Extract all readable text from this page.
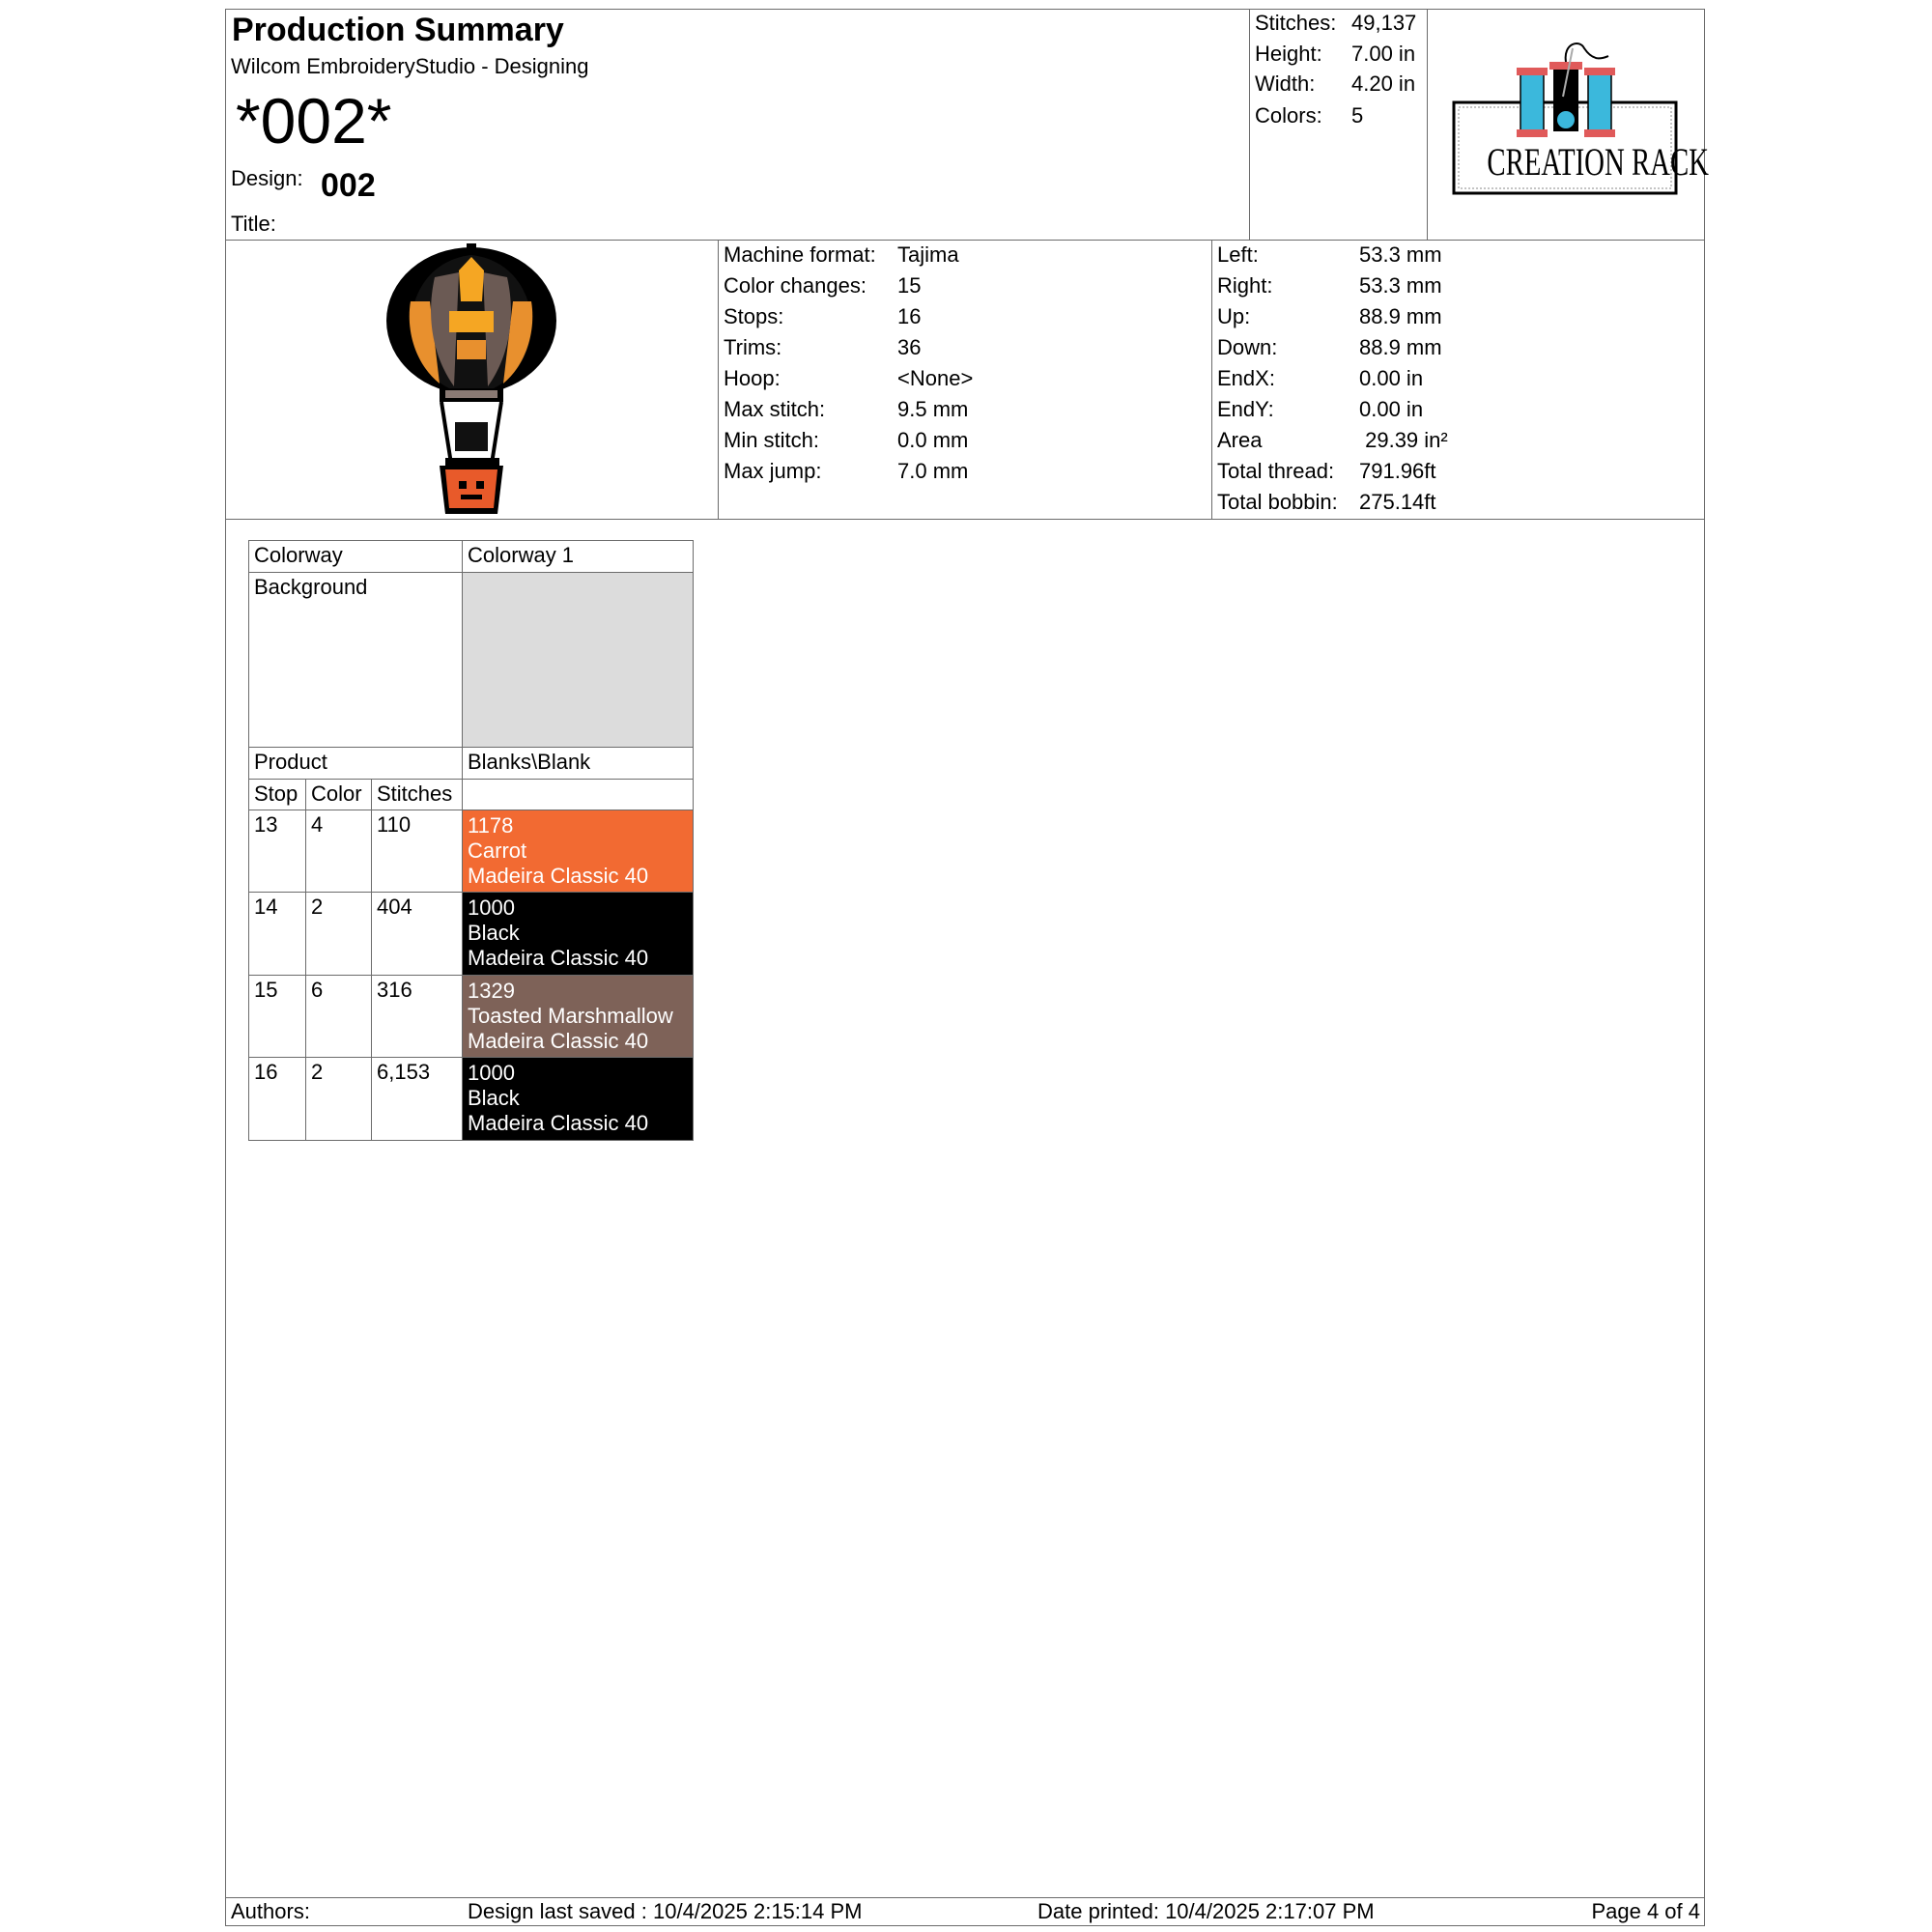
Production Summary
Wilcom EmbroideryStudio - Designing
*002*
Design: 002
Title:
Stitches: 49,137
Height: 7.00 in
Width: 4.20 in
Colors: 5
CREATION RACK
Machine format: Tajima
Color changes: 15
Stops:	16
Trims:	36
Hoop:	<None>
Max stitch:	9.5 mm
Min stitch:	0.0 mm
Max jump:	7.0 mm
Left:	53.3 mm
Right:	53.3 mm
Up:	88.9 mm
Down:	88.9 mm
EndX:	0.00 in
EndY:	0.00 in
Area	29.39 in²
Total thread: 791.96ft
Total bobbin: 275.14ft
Colorway			Colorway 1
Background			
Product			Blanks\Blank
Stop	Color	Stitches	
13	4	110	1178
Carrot
Madeira Classic 40

14	2	404	1000
Black
Madeira Classic 40

15	6	316	1329
Toasted Marshmallow
Madeira Classic 40

16	2	6,153	1000
Black
Madeira Classic 40
Authors:	Design last saved : 10/4/2025 2:15:14 PM	Date printed: 10/4/2025 2:17:07 PM	Page 4 of 4
